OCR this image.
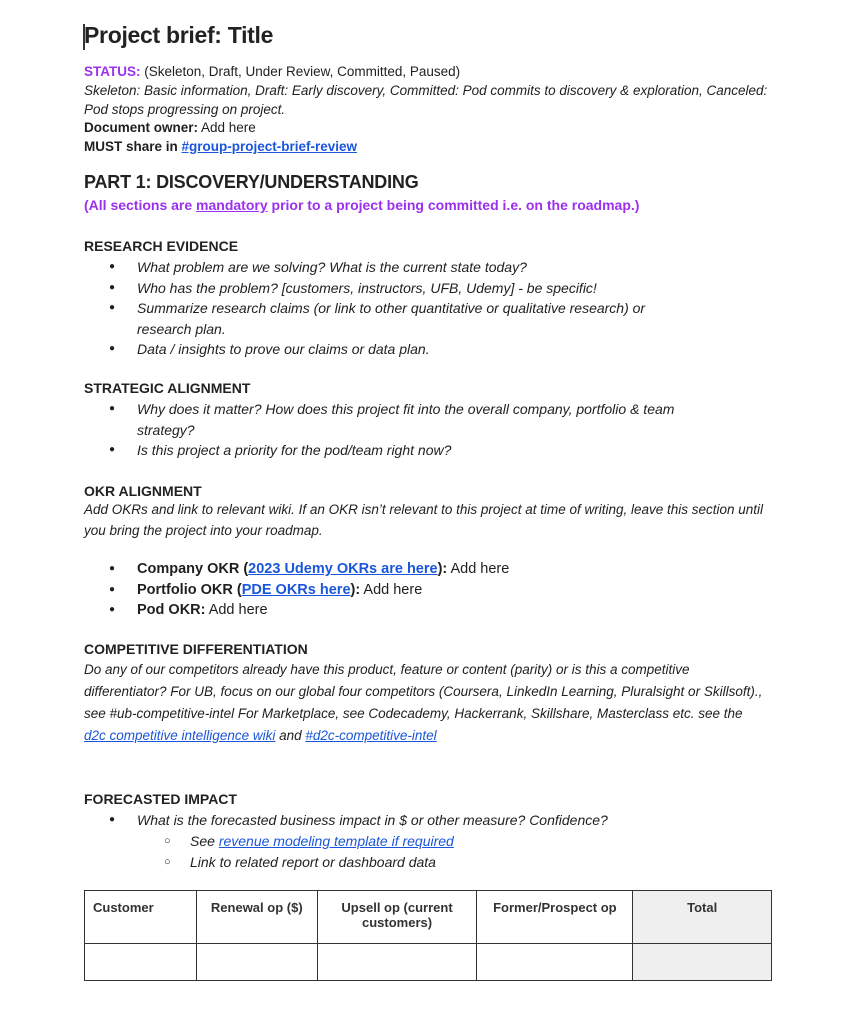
Project brief: Title
STATUS: (Skeleton, Draft, Under Review, Committed, Paused)
Skeleton: Basic information, Draft: Early discovery, Committed: Pod commits to discovery & exploration, Canceled:
Pod stops progressing on project.
Document owner: Add here
MUST share in #group-project-brief-review
PART 1: DISCOVERY/UNDERSTANDING
(All sections are mandatory prior to a project being committed i.e. on the roadmap.)
RESEARCH EVIDENCE
● What problem are we solving? What is the current state today?
● Who has the problem? [customers, instructors, UFB, Udemy] - be specific!
● Summarize research claims (or link to other quantitative or qualitative research) or research plan.
● Data / insights to prove our claims or data plan.
STRATEGIC ALIGNMENT
● Why does it matter? How does this project fit into the overall company, portfolio & team strategy?
● Is this project a priority for the pod/team right now?
OKR ALIGNMENT
Add OKRs and link to relevant wiki. If an OKR isn’t relevant to this project at time of writing, leave this section until you bring the project into your roadmap.
● Company OKR (2023 Udemy OKRs are here): Add here
● Portfolio OKR (PDE OKRs here): Add here
● Pod OKR: Add here
COMPETITIVE DIFFERENTIATION
Do any of our competitors already have this product, feature or content (parity) or is this a competitive differentiator? For UB, focus on our global four competitors (Coursera, LinkedIn Learning, Pluralsight or Skillsoft)., see #ub-competitive-intel For Marketplace, see Codecademy, Hackerrank, Skillshare, Masterclass etc. see the d2c competitive intelligence wiki and #d2c-competitive-intel
FORECASTED IMPACT
● What is the forecasted business impact in $ or other measure? Confidence?
○ See revenue modeling template if required
○ Link to related report or dashboard data
Customer	Renewal op ($)	Upsell op (current customers)	Former/Prospect op	Total
